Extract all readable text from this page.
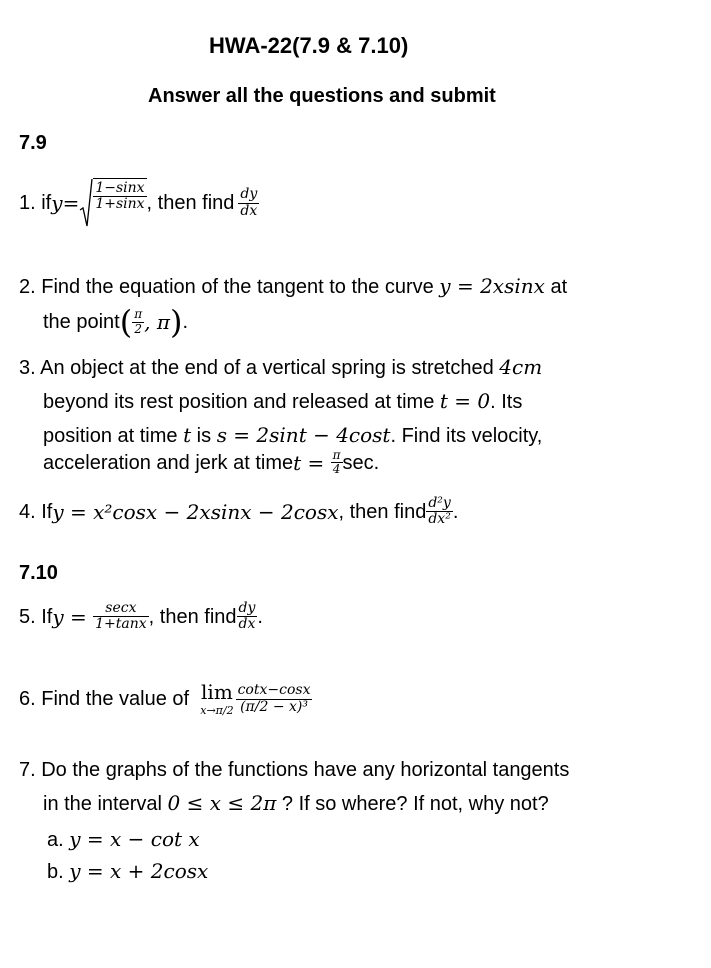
HWA-22(7.9 & 7.10)
Answer all the questions and submit
7.9
1. if $y = \frac{1-\sin x}{1+\sin x}$ , then find $\frac{dy}{dx}$
2. Find the equation of the tangent to the curve y = 2xsinx at
the point ( $\frac{\pi}{2}$ , π ) .
3. An object at the end of a vertical spring is stretched 4cm
beyond its rest position and released at time t = 0. Its
position at time t is s = 2sint − 4cost. Find its velocity,
acceleration and jerk at time $t = \frac{\pi}{4} \sec$.
4. If y = x²cosx − 2xsinx − 2cosx , then find $\frac{\text{d²y}}{\text{dx²}}$ .
7.10
5. If $y = \frac{\sec x}{1+\tan x}$ , then find $\frac{dy}{dx}$ .
6. Find the value of lim
$x\to\pi/2 \frac{\cot x-\cos x}{\text{(π/2 − x)³}}$
7. Do the graphs of the functions have any horizontal tangents
in the interval 0 ≤ x ≤ 2π ? If so where? If not, why not?
a. y = x − cot x
b. y = x + 2cosx
